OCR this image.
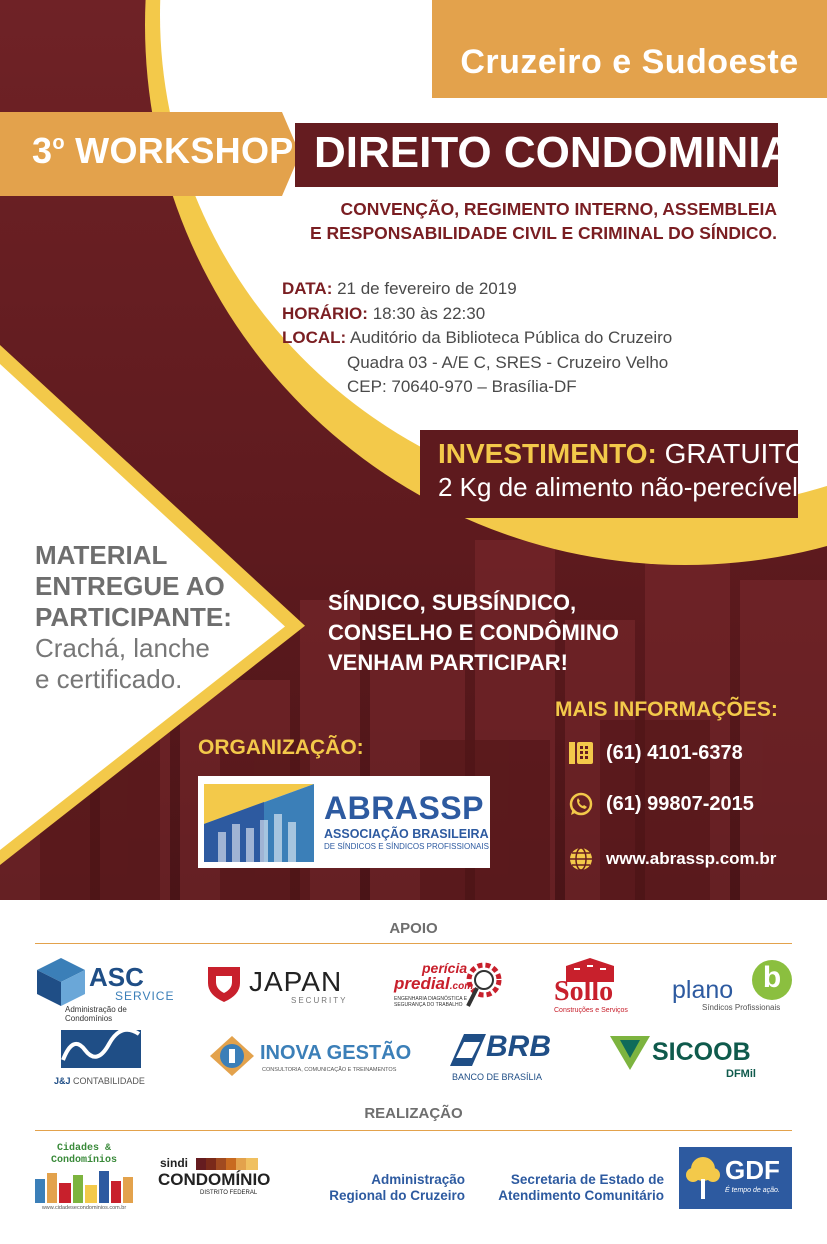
Cruzeiro e Sudoeste
3$^o$ WORKSHOP DIREITO CONDOMINIAL
CONVENÇÃO, REGIMENTO INTERNO, ASSEMBLEIA
E RESPONSABILIDADE CIVIL E CRIMINAL DO SÍNDICO.
DATA: 21 de fevereiro de 2019
HORÁRIO: 18:30 às 22:30
LOCAL: Auditório da Biblioteca Pública do Cruzeiro
Quadra 03 - A/E C, SRES - Cruzeiro Velho
CEP: 70640-970 – Brasília-DF
INVESTIMENTO: GRATUITO
2 Kg de alimento não-perecível
MATERIAL
ENTREGUE AO
PARTICIPANTE:
Crachá, lanche
e certificado.
SÍNDICO, SUBSÍNDICO,
CONSELHO E CONDÔMINO
VENHAM PARTICIPAR!
ORGANIZAÇÃO:
ABRASSP
ASSOCIAÇÃO BRASILEIRA
DE SÍNDICOS E SÍNDICOS PROFISSIONAIS
MAIS INFORMAÇÕES:
(61) 4101-6378
(61) 99807-2015
www.abrassp.com.br
APOIO
ASC
SERVICE
Administração de Condomínios
JAPAN
SECURITY
perícia
predial.com
ENGENHARIA DIAGNÓSTICA E SEGURANÇA DO TRABALHO	Sollo
Construções e Serviços
plano b
Síndicos Profissionais
J&J CONTABILIDADE
INOVA GESTÃO
CONSULTORIA, COMUNICAÇÃO E TREINAMENTOS
BRB
BANCO DE BRASÍLIA
SICOOB
DFMil
REALIZAÇÃO
Cidades &
Condomínios
www.cidadesecondominios.com.br
sindi
CONDOMÍNIO
DISTRITO FEDERAL
Administração
Regional do Cruzeiro
Secretaria de Estado de
Atendimento Comunitário
GDF
É tempo de ação.
